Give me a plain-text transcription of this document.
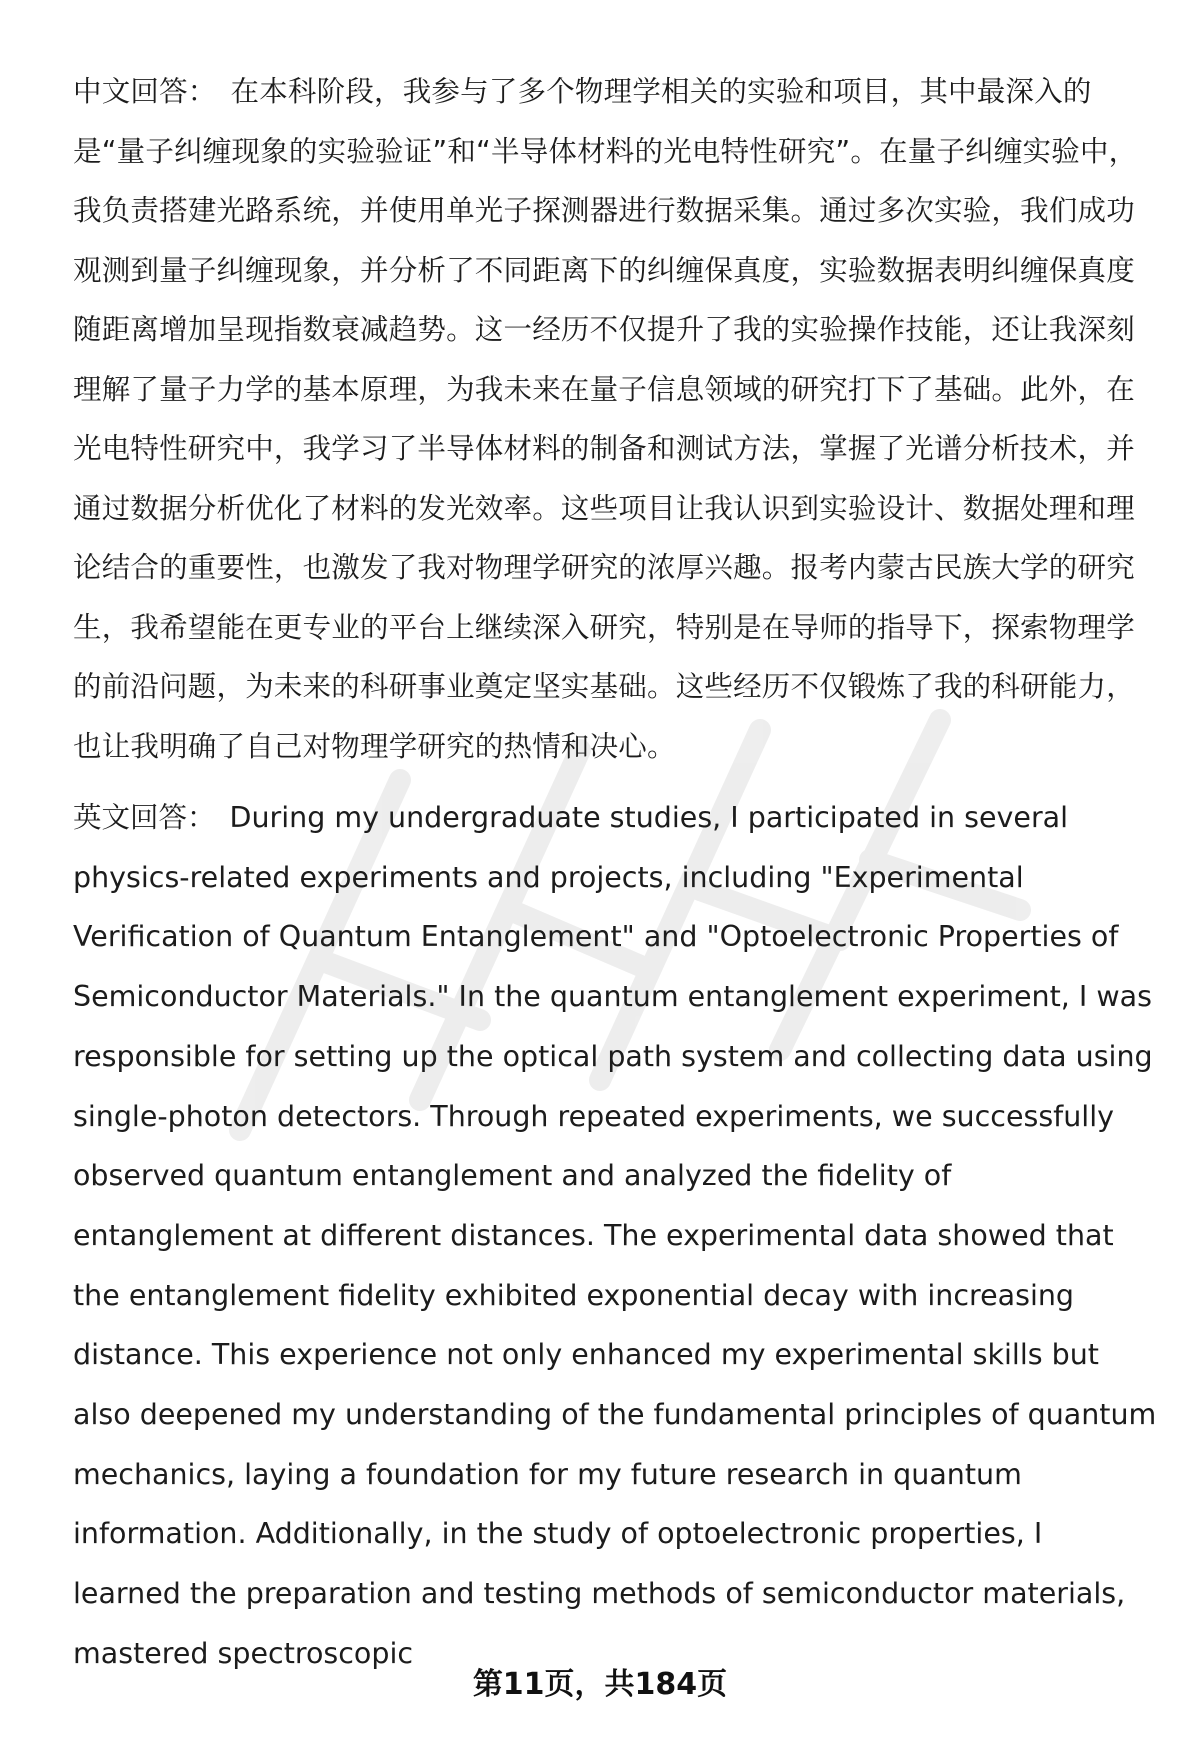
中文回答： 在本科阶段，我参与了多个物理学相关的实验和项目，其中最深入的是“量子纠缠现象的实验验证”和“半导体材料的光电特性研究”。在量子纠缠实验中，我负责搭建光路系统，并使用单光子探测器进行数据采集。通过多次实验，我们成功观测到量子纠缠现象，并分析了不同距离下的纠缠保真度，实验数据表明纠缠保真度随距离增加呈现指数衰减趋势。这一经历不仅提升了我的实验操作技能，还让我深刻理解了量子力学的基本原理，为我未来在量子信息领域的研究打下了基础。此外，在光电特性研究中，我学习了半导体材料的制备和测试方法，掌握了光谱分析技术，并通过数据分析优化了材料的发光效率。这些项目让我认识到实验设计、数据处理和理论结合的重要性，也激发了我对物理学研究的浓厚兴趣。报考内蒙古民族大学的研究生，我希望能在更专业的平台上继续深入研究，特别是在导师的指导下，探索物理学的前沿问题，为未来的科研事业奠定坚实基础。这些经历不仅锻炼了我的科研能力，也让我明确了自己对物理学研究的热情和决心。

英文回答： During my undergraduate studies, I participated in several physics-related experiments and projects, including "Experimental Verification of Quantum Entanglement" and "Optoelectronic Properties of Semiconductor Materials." In the quantum entanglement experiment, I was responsible for setting up the optical path system and collecting data using single-photon detectors. Through repeated experiments, we successfully observed quantum entanglement and analyzed the fidelity of entanglement at different distances. The experimental data showed that the entanglement fidelity exhibited exponential decay with increasing distance. This experience not only enhanced my experimental skills but also deepened my understanding of the fundamental principles of quantum mechanics, laying a foundation for my future research in quantum information. Additionally, in the study of optoelectronic properties, I learned the preparation and testing methods of semiconductor materials, mastered spectroscopic

第11页，共184页
